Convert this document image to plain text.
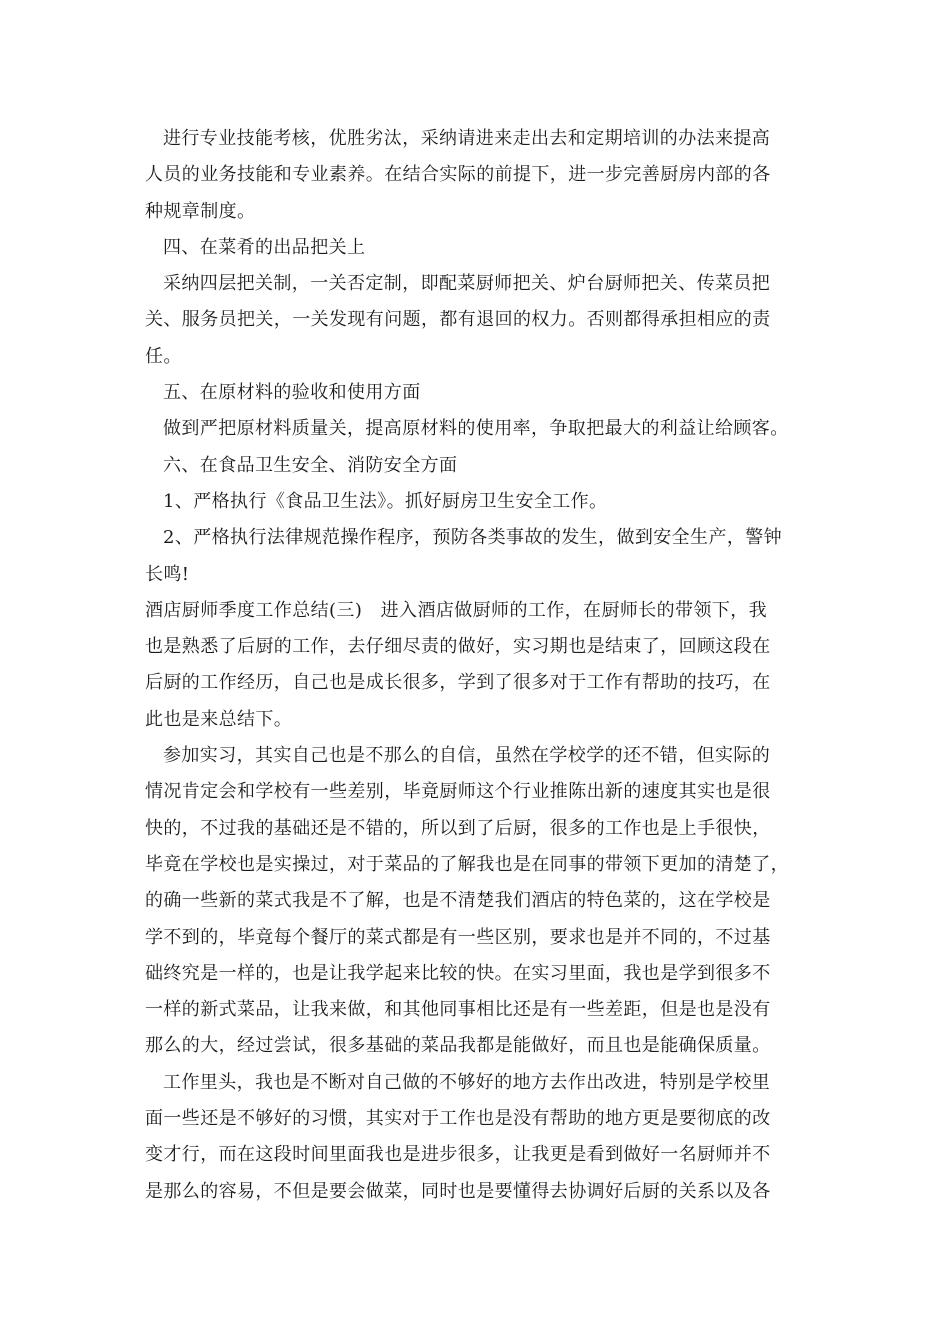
进行专业技能考核，优胜劣汰，采纳请进来走出去和定期培训的办法来提高
人员的业务技能和专业素养。在结合实际的前提下，进一步完善厨房内部的各
种规章制度。
四、在菜肴的出品把关上
采纳四层把关制，一关否定制，即配菜厨师把关、炉台厨师把关、传菜员把
关、服务员把关，一关发现有问题，都有退回的权力。否则都得承担相应的责
任。
五、在原材料的验收和使用方面
做到严把原材料质量关，提高原材料的使用率，争取把最大的利益让给顾客。
六、在食品卫生安全、消防安全方面
1、严格执行《食品卫生法》。抓好厨房卫生安全工作。
2、严格执行法律规范操作程序，预防各类事故的发生，做到安全生产，警钟
长鸣!
酒店厨师季度工作总结(三)　进入酒店做厨师的工作，在厨师长的带领下，我
也是熟悉了后厨的工作，去仔细尽责的做好，实习期也是结束了，回顾这段在
后厨的工作经历，自己也是成长很多，学到了很多对于工作有帮助的技巧，在
此也是来总结下。
参加实习，其实自己也是不那么的自信，虽然在学校学的还不错，但实际的
情况肯定会和学校有一些差别，毕竟厨师这个行业推陈出新的速度其实也是很
快的，不过我的基础还是不错的，所以到了后厨，很多的工作也是上手很快，
毕竟在学校也是实操过，对于菜品的了解我也是在同事的带领下更加的清楚了，
的确一些新的菜式我是不了解，也是不清楚我们酒店的特色菜的，这在学校是
学不到的，毕竟每个餐厅的菜式都是有一些区别，要求也是并不同的，不过基
础终究是一样的，也是让我学起来比较的快。在实习里面，我也是学到很多不
一样的新式菜品，让我来做，和其他同事相比还是有一些差距，但是也是没有
那么的大，经过尝试，很多基础的菜品我都是能做好，而且也是能确保质量。
工作里头，我也是不断对自己做的不够好的地方去作出改进，特别是学校里
面一些还是不够好的习惯，其实对于工作也是没有帮助的地方更是要彻底的改
变才行，而在这段时间里面我也是进步很多，让我更是看到做好一名厨师并不
是那么的容易，不但是要会做菜，同时也是要懂得去协调好后厨的关系以及各
